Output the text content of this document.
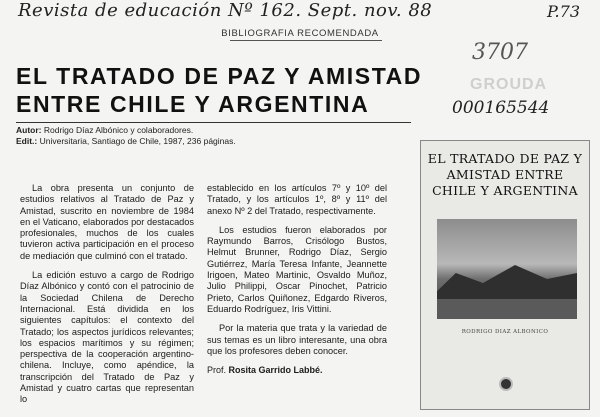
Revista de educación Nº 162. Sept. nov. 88	P.73
3707
GROUDA
000165544
BIBLIOGRAFIA RECOMENDADA
EL TRATADO DE PAZ Y AMISTAD
ENTRE CHILE Y ARGENTINA
Autor: Rodrigo Díaz Albónico y colaboradores.
Edit.: Universitaria, Santiago de Chile, 1987, 236 páginas.

La obra presenta un conjunto de estudios relativos al Tratado de Paz y Amistad, suscrito en noviembre de 1984 en el Vaticano, elaborados por destacados profesionales, muchos de los cuales tuvieron activa participación en el proceso de mediación que culminó con el tratado.

La edición estuvo a cargo de Rodrigo Díaz Albónico y contó con el patrocinio de la Sociedad Chilena de Derecho Internacional. Está dividida en los siguientes capítulos: el contexto del Tratado; los aspectos jurídicos relevantes; los espacios marítimos y su régimen; perspectiva de la cooperación argentino-chilena. Incluye, como apéndice, la transcripción del Tratado de Paz y Amistad y cuatro cartas que representan lo

establecido en los artículos 7º y 10º del Tratado, y los artículos 1º, 8º y 11º del anexo Nº 2 del Tratado, respectivamente.

Los estudios fueron elaborados por Raymundo Barros, Crisólogo Bustos, Helmut Brunner, Rodrigo Díaz, Sergio Gutiérrez, María Teresa Infante, Jeannette Irigoen, Mateo Martinic, Osvaldo Muñoz, Julio Philippi, Oscar Pinochet, Patricio Prieto, Carlos Quiñonez, Edgardo Riveros, Eduardo Rodríguez, Iris Vittini.

Por la materia que trata y la variedad de sus temas es un libro interesante, una obra que los profesores deben conocer.

Prof. Rosita Garrido Labbé.
EL TRATADO DE PAZ Y AMISTAD ENTRE CHILE Y ARGENTINA
RODRIGO DIAZ ALBONICO
